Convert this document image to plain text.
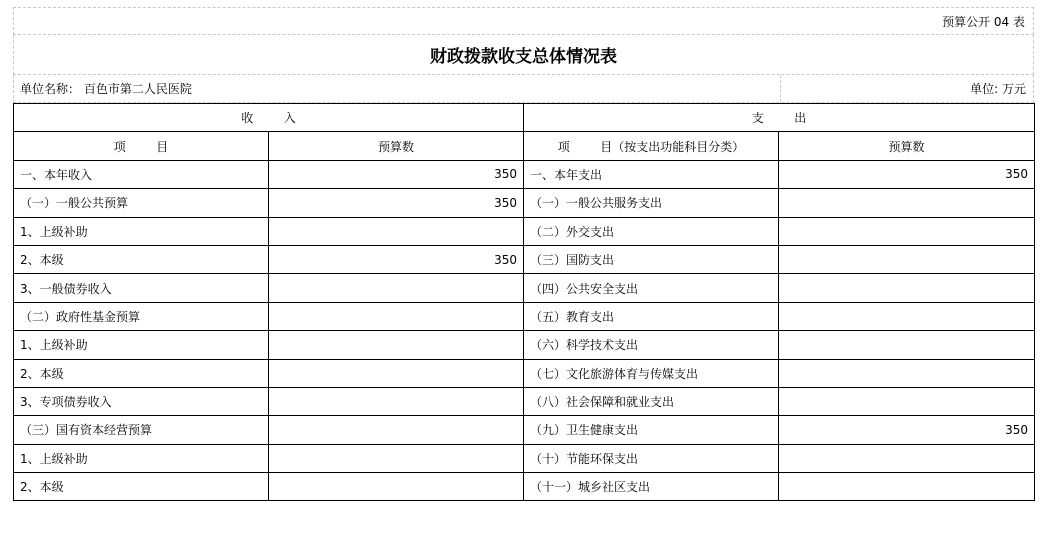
预算公开 04 表
财政拨款收支总体情况表
单位名称： 百色市第二人民医院	单位: 万元
收        入		支        出	
项        目	预算数	项        目（按支出功能科目分类）	预算数
一、本年收入	350	一、本年支出	350
（一）一般公共预算	350	（一）一般公共服务支出	
1、上级补助		（二）外交支出	
2、本级	350	（三）国防支出	
3、一般债券收入		（四）公共安全支出	
（二）政府性基金预算		（五）教育支出	
1、上级补助		（六）科学技术支出	
2、本级		（七）文化旅游体育与传媒支出	
3、专项债券收入		（八）社会保障和就业支出	
（三）国有资本经营预算		（九）卫生健康支出	350
1、上级补助		（十）节能环保支出	
2、本级		（十一）城乡社区支出	
